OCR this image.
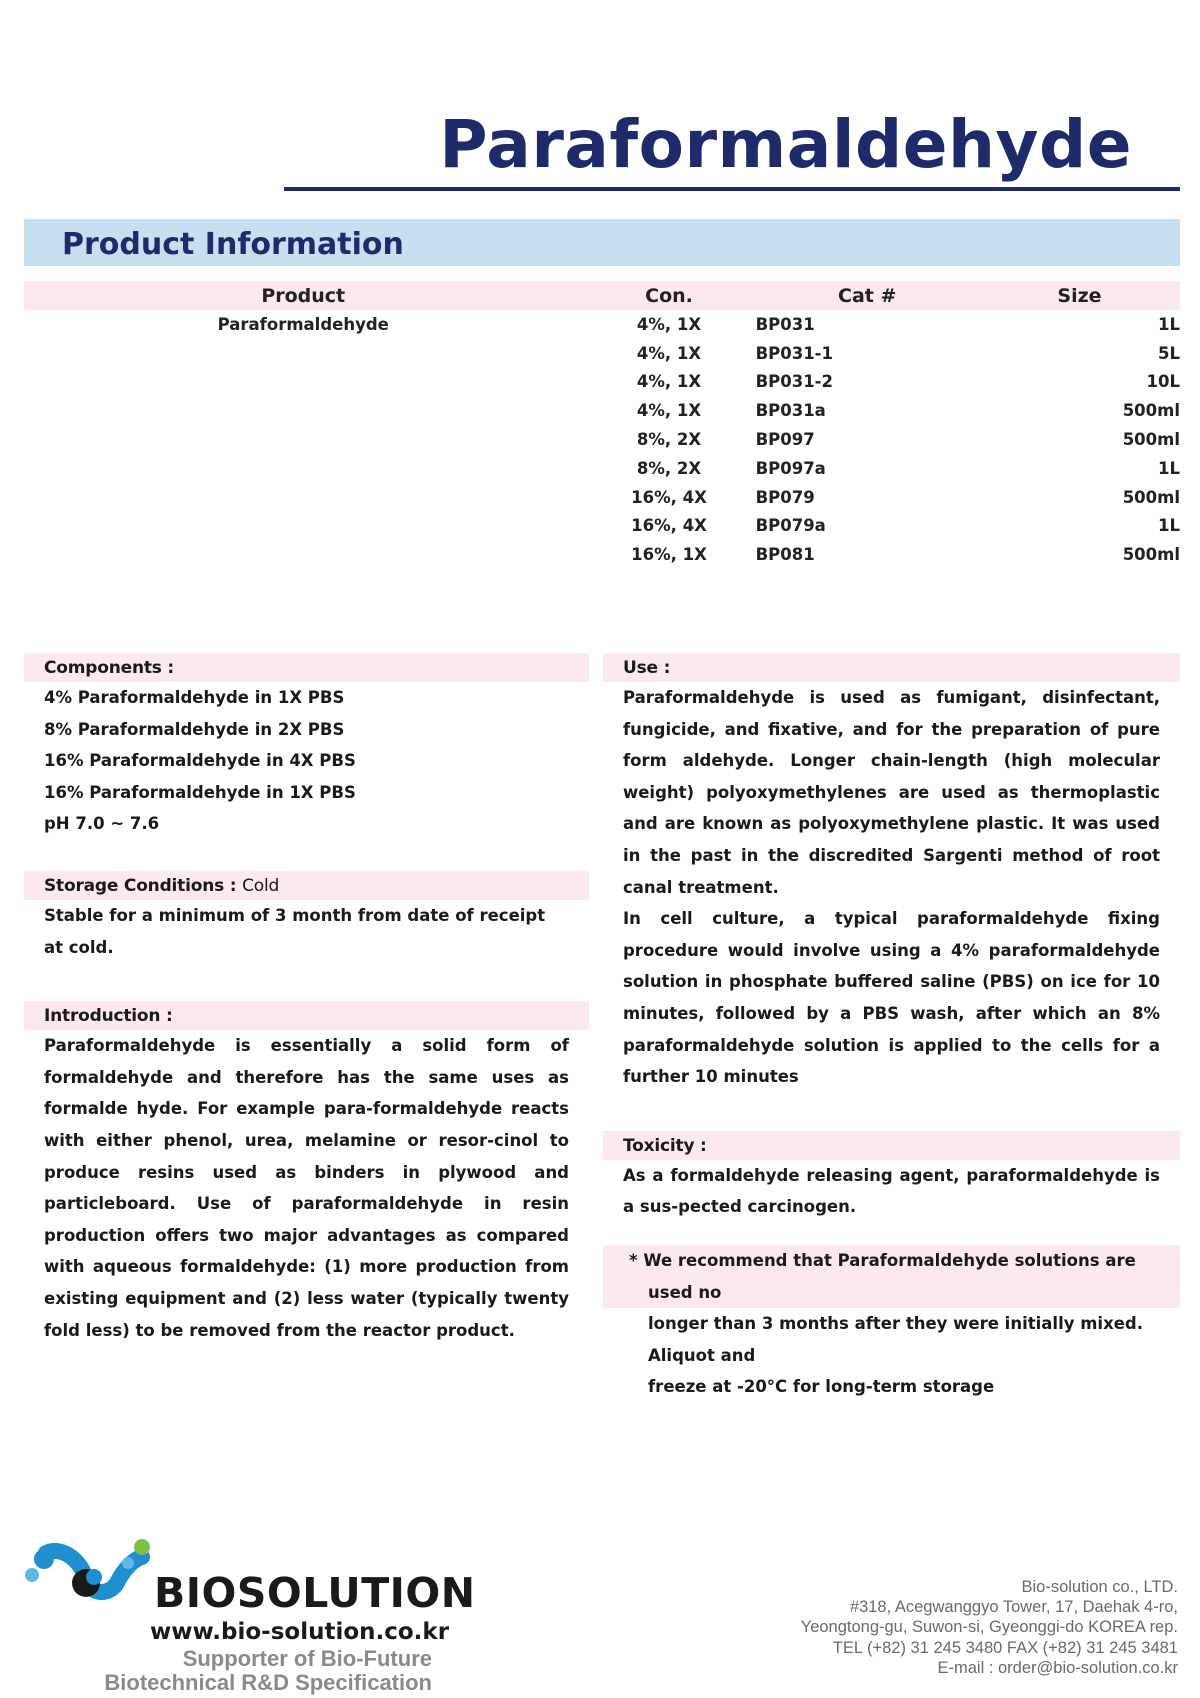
Paraformaldehyde
Product Information
Product	Con.	Cat #	Size
Paraformaldehyde	4%, 1X	BP031	1L
	4%, 1X	BP031-1	5L
	4%, 1X	BP031-2	10L
	4%, 1X	BP031a	500ml
	8%, 2X	BP097	500ml
	8%, 2X	BP097a	1L
	16%, 4X	BP079	500ml
	16%, 4X	BP079a	1L
	16%, 1X	BP081	500ml
Components :
4% Paraformaldehyde in 1X PBS
8% Paraformaldehyde in 2X PBS
16% Paraformaldehyde in 4X PBS
16% Paraformaldehyde in 1X PBS
pH 7.0 ~ 7.6
Storage Conditions : Cold
Stable for a minimum of 3 month from date of receipt at cold.
Introduction :
Paraformaldehyde is essentially a solid form of formaldehyde and therefore has the same uses as formalde hyde. For example para-formaldehyde reacts with either phenol, urea, melamine or resor-cinol to produce resins used as binders in plywood and particleboard. Use of paraformaldehyde in resin production offers two major advantages as compared with aqueous formaldehyde: (1) more production from existing equipment and (2) less water (typically twenty fold less) to be removed from the reactor product.
Use :
Paraformaldehyde is used as fumigant, disinfectant, fungicide, and fixative, and for the preparation of pure form aldehyde. Longer chain-length (high molecular weight) polyoxymethylenes are used as thermoplastic and are known as polyoxymethylene plastic. It was used in the past in the discredited Sargenti method of root canal treatment.
In cell culture, a typical paraformaldehyde fixing procedure would involve using a 4% paraformaldehyde solution in phosphate buffered saline (PBS) on ice for 10 minutes, followed by a PBS wash, after which an 8% paraformaldehyde solution is applied to the cells for a further 10 minutes
Toxicity :
As a formaldehyde releasing agent, paraformaldehyde is a sus-pected carcinogen.
* We recommend that Paraformaldehyde solutions are used no
longer than 3 months after they were initially mixed. Aliquot and
freeze at -20°C for long-term storage
BIOSOLUTION
www.bio-solution.co.kr
Supporter of Bio-Future
Biotechnical R&D Specification
Bio-solution co., LTD.
#318, Acegwanggyo Tower, 17, Daehak 4-ro,
Yeongtong-gu, Suwon-si, Gyeonggi-do KOREA rep.
TEL (+82) 31 245 3480 FAX (+82) 31 245 3481
E-mail : order@bio-solution.co.kr
